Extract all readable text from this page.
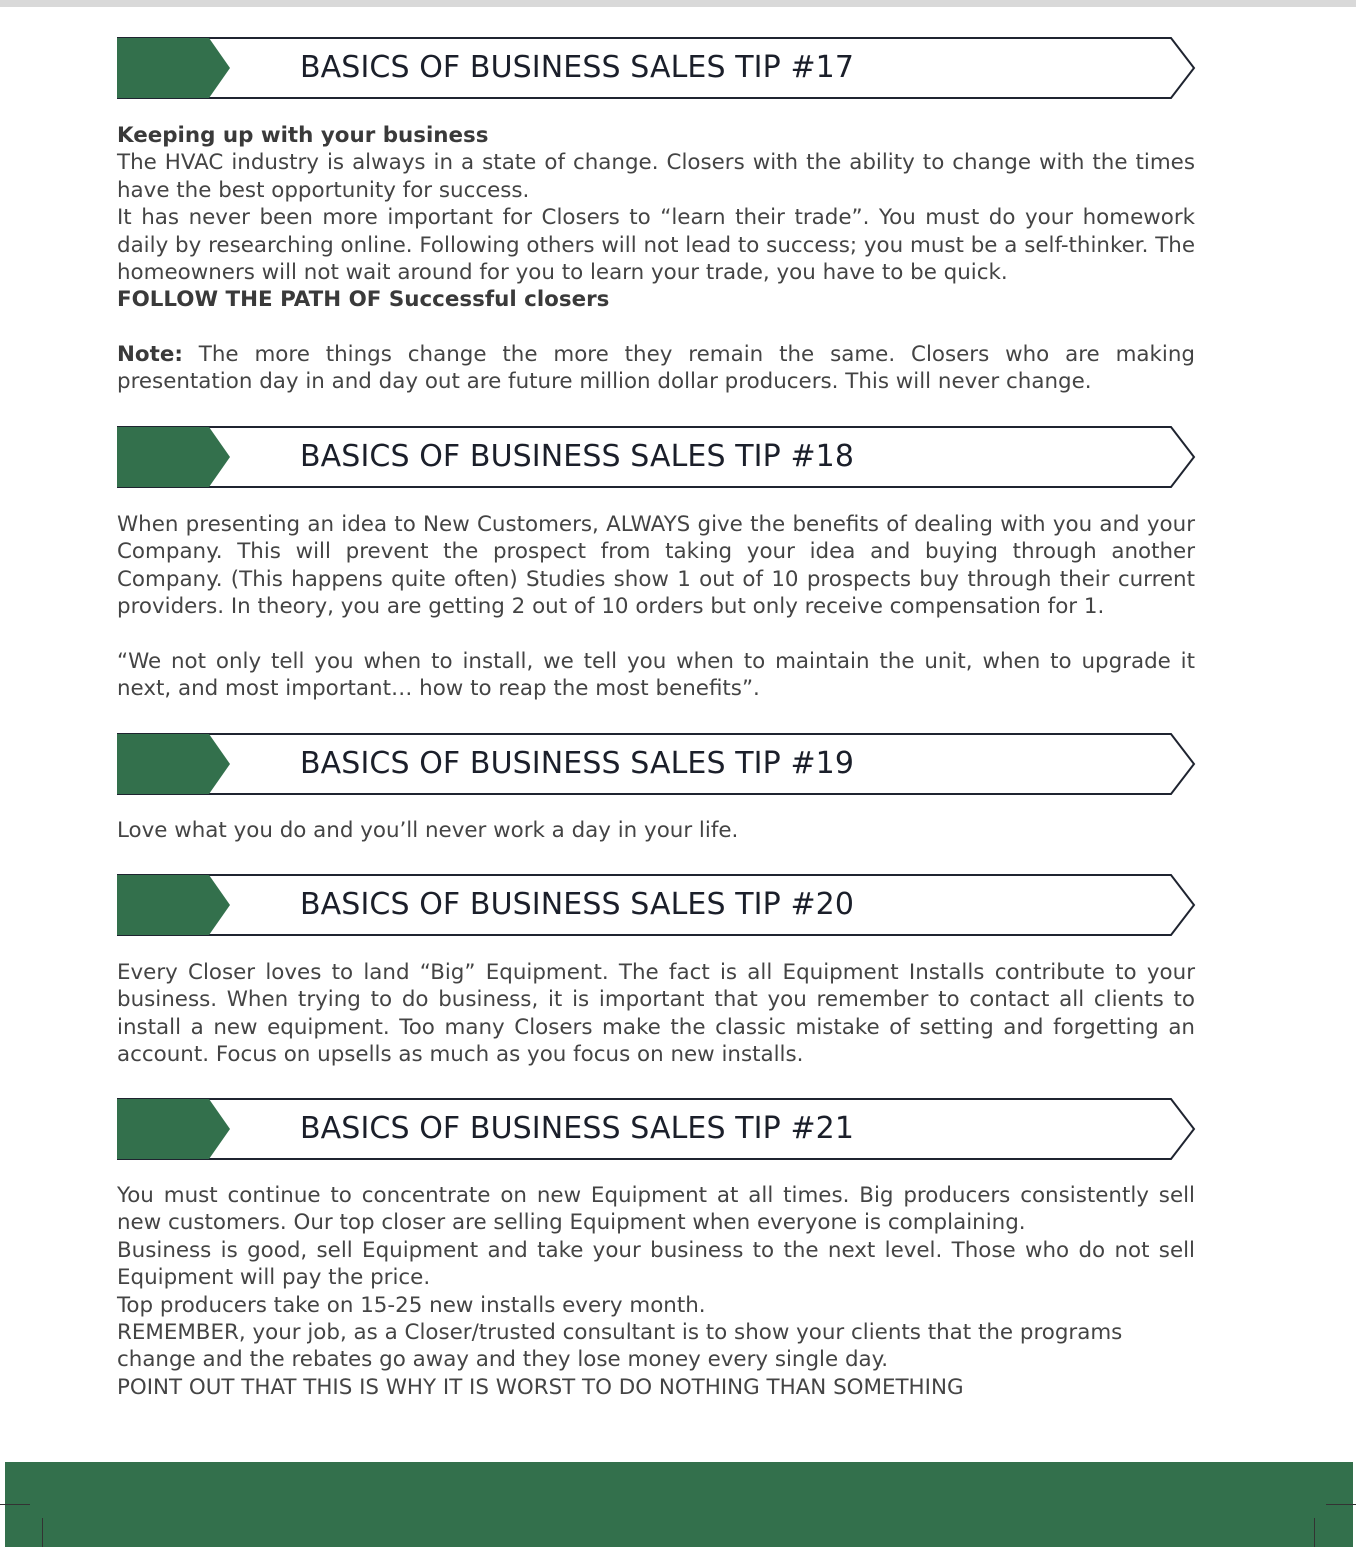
BASICS OF BUSINESS SALES TIP #17

Keeping up with your business

The HVAC industry is always in a state of change. Closers with the ability to change with the times have the best opportunity for success.

It has never been more important for Closers to “learn their trade”. You must do your homework daily by researching online. Following others will not lead to success; you must be a self-thinker. The homeowners will not wait around for you to learn your trade, you have to be quick.

FOLLOW THE PATH OF Successful closers

Note: The more things change the more they remain the same. Closers who are making presentation day in and day out are future million dollar producers. This will never change.

BASICS OF BUSINESS SALES TIP #18

When presenting an idea to New Customers, ALWAYS give the benefits of dealing with you and your Company. This will prevent the prospect from taking your idea and buying through another Company. (This happens quite often) Studies show 1 out of 10 prospects buy through their current providers. In theory, you are getting 2 out of 10 orders but only receive compensation for 1.

“We not only tell you when to install, we tell you when to maintain the unit, when to upgrade it next, and most important… how to reap the most benefits”.

BASICS OF BUSINESS SALES TIP #19

Love what you do and you’ll never work a day in your life.

BASICS OF BUSINESS SALES TIP #20

Every Closer loves to land “Big” Equipment. The fact is all Equipment Installs contribute to your business. When trying to do business, it is important that you remember to contact all clients to install a new equipment. Too many Closers make the classic mistake of setting and forgetting an account. Focus on upsells as much as you focus on new installs.

BASICS OF BUSINESS SALES TIP #21

You must continue to concentrate on new Equipment at all times. Big producers consistently sell new customers. Our top closer are selling Equipment when everyone is complaining.

Business is good, sell Equipment and take your business to the next level. Those who do not sell Equipment will pay the price.

Top producers take on 15-25 new installs every month.

REMEMBER, your job, as a Closer/trusted consultant is to show your clients that the programs change and the rebates go away and they lose money every single day.

POINT OUT THAT THIS IS WHY IT IS WORST TO DO NOTHING THAN SOMETHING
